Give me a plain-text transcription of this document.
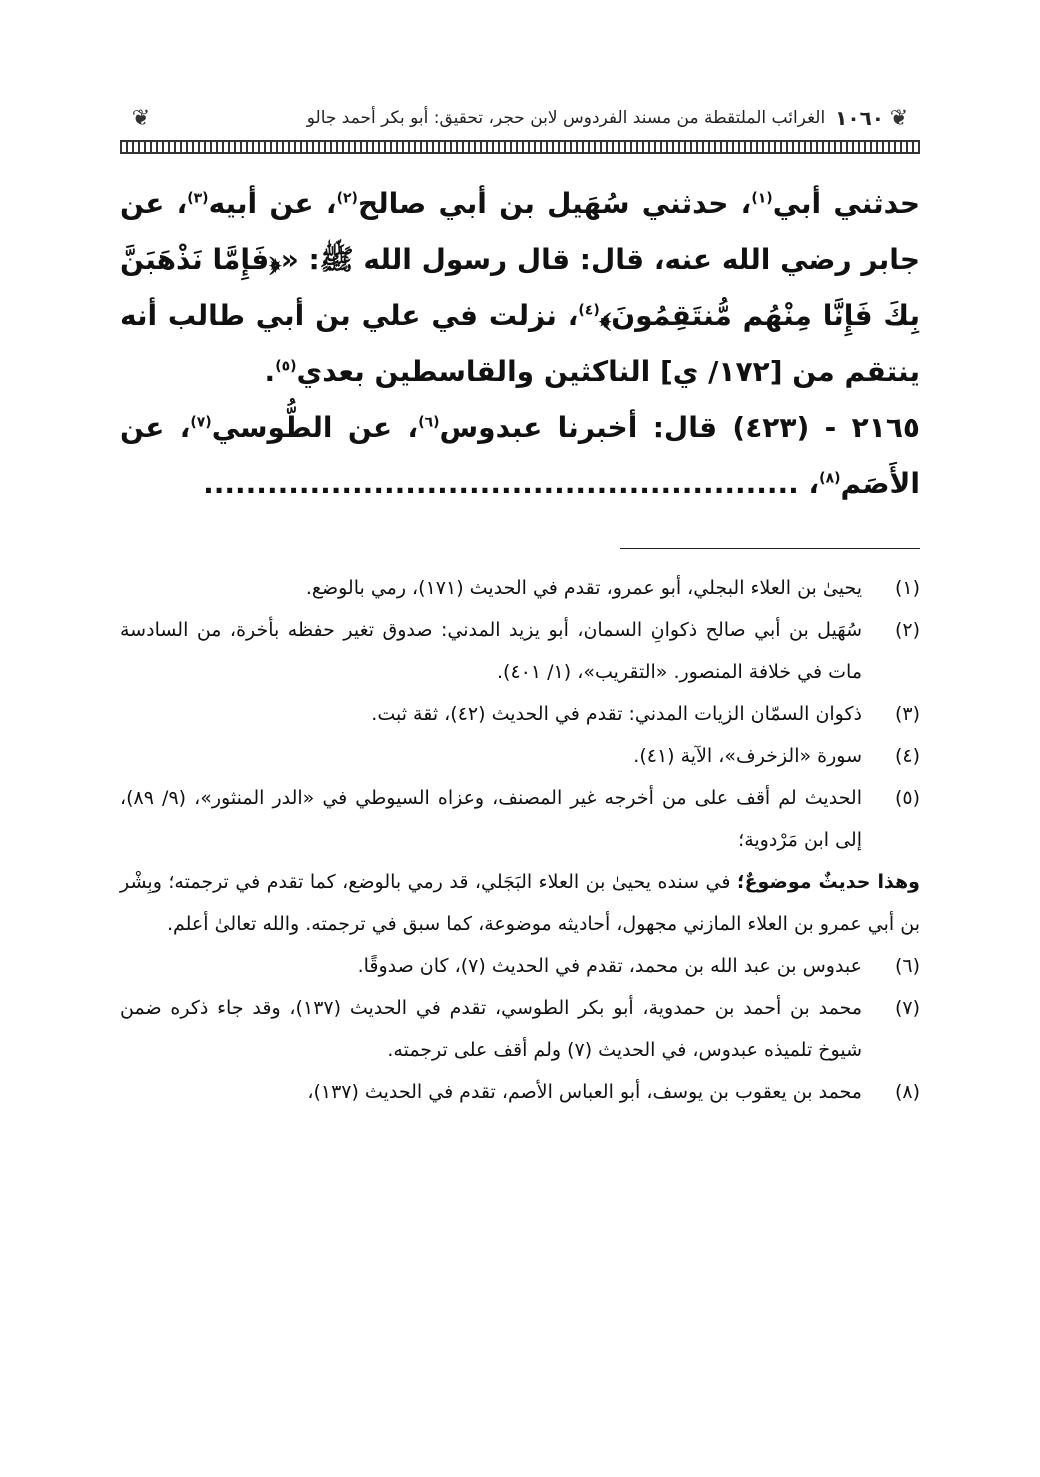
❦
١٠٦٠
الغرائب الملتقطة من مسند الفردوس لابن حجر، تحقيق: أبو بكر أحمد جالو
❦

حدثني أبي$^{(١)}$، حدثني سُهَيل بن أبي صالح$^{(٢)}$، عن أبيه$^{(٣)}$، عن جابر رضي الله عنه، قال: قال رسول الله ﷺ: «﴿فَإِمَّا نَذْهَبَنَّ بِكَ فَإِنَّا مِنْهُم مُّنتَقِمُونَ﴾$^{(٤)}$، نزلت في علي بن أبي طالب أنه ينتقم من [١٧٢/ ي] الناكثين والقاسطين بعدي$^{(٥)}$.

٢١٦٥ - (٤٢٣) قال: أخبرنا عبدوس$^{(٦)}$، عن الطُّوسي$^{(٧)}$، عن الأَصَم$^{(٨)}$، ........................................................

(١)
يحيىٰ بن العلاء البجلي، أبو عمرو، تقدم في الحديث (١٧١)، رمي بالوضع.
(٢)
سُهَيل بن أبي صالح ذكوانِ السمان، أبو يزيد المدني: صدوق تغير حفظه بأخرة، من السادسة مات في خلافة المنصور. «التقريب»، (١/ ٤٠١).
(٣)
ذكوان السمّان الزيات المدني: تقدم في الحديث (٤٢)، ثقة ثبت.
(٤)
سورة «الزخرف»، الآية (٤١).
(٥)
الحديث لم أقف على من أخرجه غير المصنف، وعزاه السيوطي في «الدر المنثور»، (٩/ ٨٩)، إلى ابن مَرْدوية؛
وهذا حديثٌ موضوعٌ؛ في سنده يحيىٰ بن العلاء البَجَلي، قد رمي بالوضع، كما تقدم في ترجمته؛ وبِشْر بن أبي عمرو بن العلاء المازني مجهول، أحاديثه موضوعة، كما سبق في ترجمته. والله تعالىٰ أعلم.
(٦)
عبدوس بن عبد الله بن محمد، تقدم في الحديث (٧)، كان صدوقًا.
(٧)
محمد بن أحمد بن حمدوية، أبو بكر الطوسي، تقدم في الحديث (١٣٧)، وقد جاء ذكره ضمن شيوخ تلميذه عبدوس، في الحديث (٧) ولم أقف على ترجمته.
(٨)
محمد بن يعقوب بن يوسف، أبو العباس الأصم، تقدم في الحديث (١٣٧)،
